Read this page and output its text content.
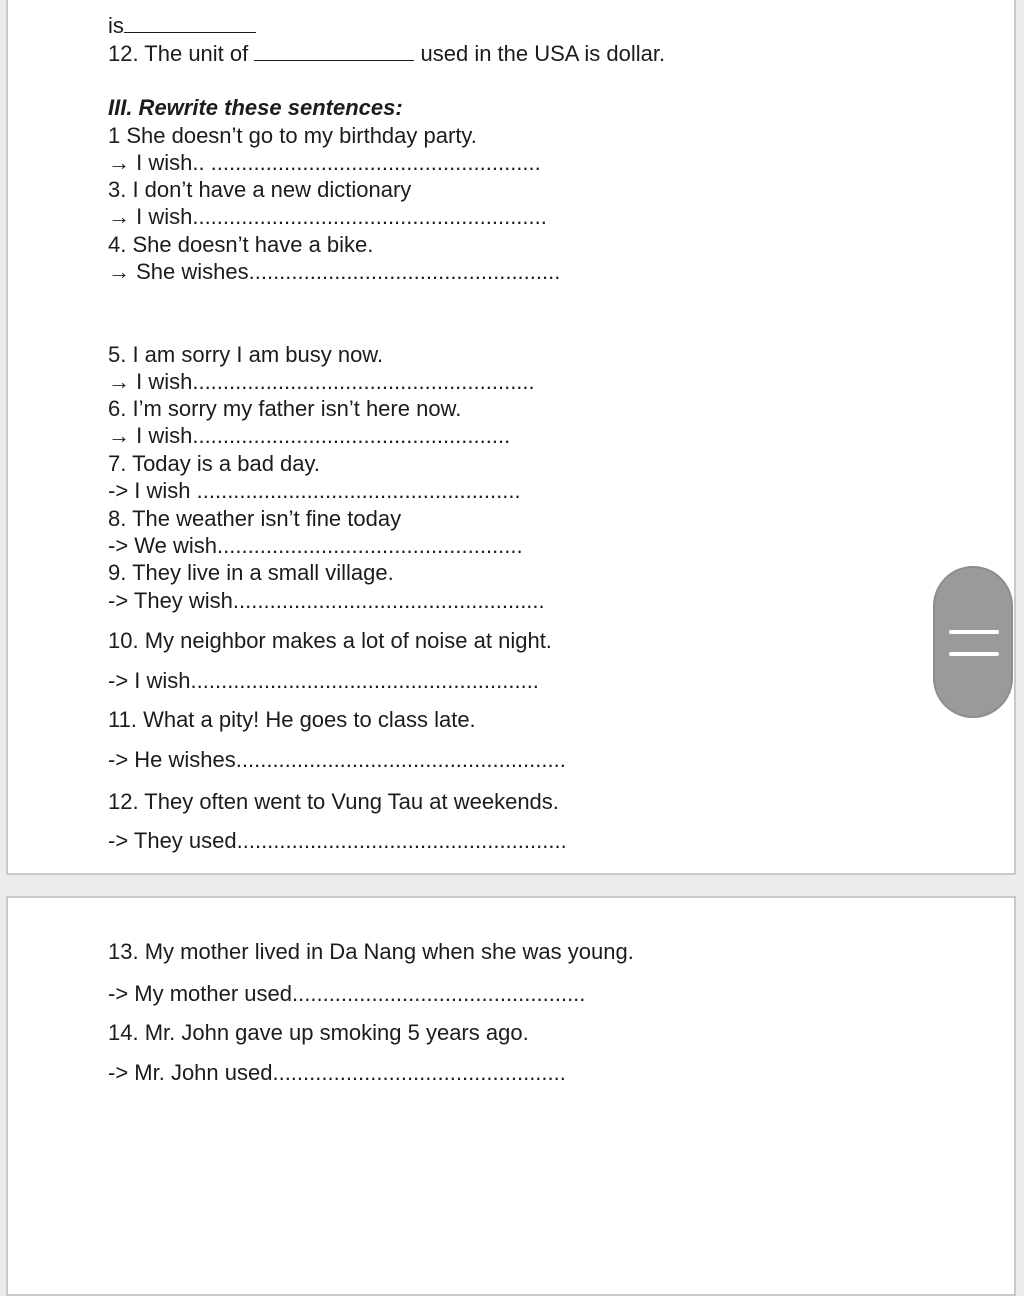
is
12. The unit of	used in the USA is dollar.
III. Rewrite these sentences:
1 She doesn’t go to my birthday party.
→ I wish.. ......................................................
3. I don’t have a new dictionary
→ I wish..........................................................
4. She doesn’t have a bike.
→ She wishes...................................................
5. I am sorry I am busy now.
→ I wish........................................................
6. I’m sorry my father isn’t here now.
→ I wish....................................................
7. Today is a bad day.
-> I wish .....................................................
8. The weather isn’t fine today
-> We wish..................................................
9. They live in a small village.
-> They wish...................................................
10. My neighbor makes a lot of noise at night.
-> I wish.........................................................
11. What a pity! He goes to class late.
-> He wishes......................................................
12. They often went to Vung Tau at weekends.
-> They used......................................................
13. My mother lived in Da Nang when she was young.
-> My mother used................................................
14. Mr. John gave up smoking 5 years ago.
-> Mr. John used................................................
